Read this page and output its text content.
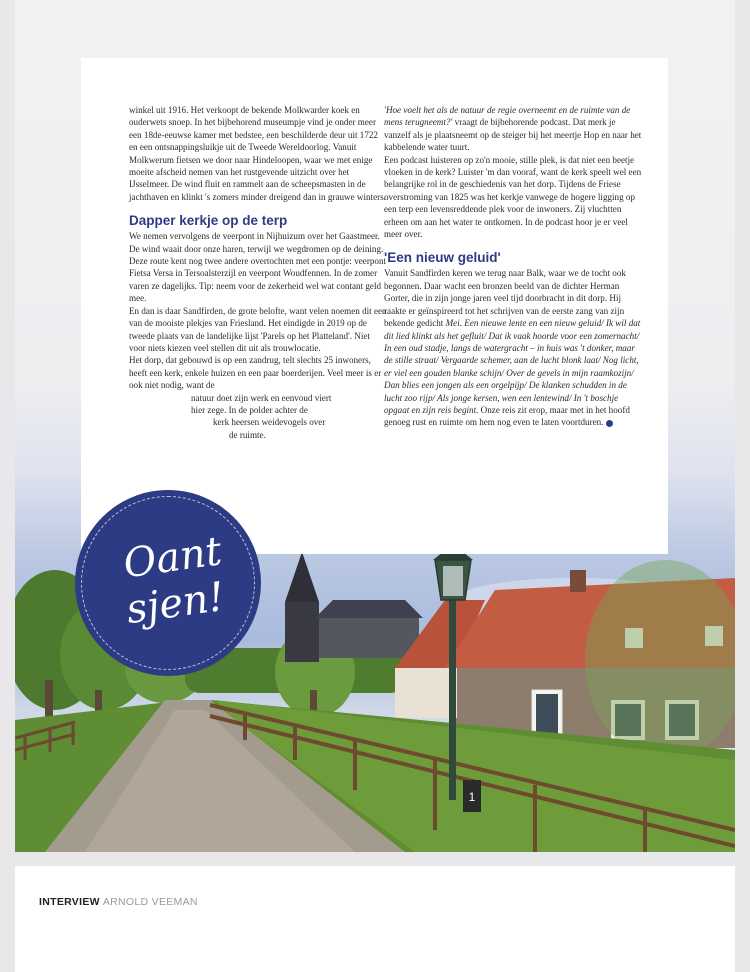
1

winkel uit 1916. Het verkoopt de bekende Molkwarder koek en ouderwets snoep. In het bijbehorend museumpje vind je onder meer een 18de-eeuwse kamer met bedstee, een beschilderde deur uit 1722 en een ontsnappingsluikje uit de Tweede Wereldoorlog. Vanuit Molkwerum fietsen we door naar Hindeloopen, waar we met enige moeite afscheid nemen van het rustgevende uitzicht over het IJsselmeer. De wind fluit en rammelt aan de scheepsmasten in de jachthaven en klinkt 's zomers minder dreigend dan in grauwe winters.

Dapper kerkje op de terp

We nemen vervolgens de veerpont in Nijhuizum over het Gaastmeer. De wind waait door onze haren, terwijl we wegdromen op de deining. Deze route kent nog twee andere overtochten met een pontje: veerpont Fietsa Versa in Tersoalsterzijl en veerpont Woudfennen. In de zomer varen ze dagelijks. Tip: neem voor de zekerheid wel wat contant geld mee.

En dan is daar Sandfirden, de grote belofte, want velen noemen dit een van de mooiste plekjes van Friesland. Het eindigde in 2019 op de tweede plaats van de landelijke lijst 'Parels op het Platteland'. Niet voor niets kiezen veel stellen dit uit als trouwlocatie.

Het dorp, dat gebouwd is op een zandrug, telt slechts 25 inwoners, heeft een kerk, enkele huizen en een paar boerderijen. Veel meer is er ook niet nodig, want de

natuur doet zijn werk en eenvoud viert

hier zege. In de polder achter de

kerk heersen weidevogels over

de ruimte.

'Hoe voelt het als de natuur de regie overneemt en de ruimte van de mens terugneemt?' vraagt de bijbehorende podcast. Dat merk je vanzelf als je plaatsneemt op de steiger bij het meertje Hop en naar het kabbelende water tuurt.

Een podcast luisteren op zo'n mooie, stille plek, is dat niet een beetje vloeken in de kerk? Luister 'm dan vooraf, want de kerk speelt wel een belangrijke rol in de geschiedenis van het dorp. Tijdens de Friese overstroming van 1825 was het kerkje vanwege de hogere ligging op een terp een levensreddende plek voor de inwoners. Zij vluchtten erheen om aan het water te ontkomen. In de podcast hoor je er veel meer over.

'Een nieuw geluid'

Vanuit Sandfirden keren we terug naar Balk, waar we de tocht ook begonnen. Daar wacht een bronzen beeld van de dichter Herman Gorter, die in zijn jonge jaren veel tijd doorbracht in dit dorp. Hij raakte er geïnspireerd tot het schrijven van de eerste zang van zijn bekende gedicht Mei. Een nieuwe lente en een nieuw geluid/ Ik wil dat dit lied klinkt als het gefluit/ Dat ik vaak hoorde voor een zomernacht/ In een oud stadje, langs de watergracht – in huis was 't donker, maar de stille straat/ Vergaarde schemer, aan de lucht blonk laat/ Nog licht, er viel een gouden blanke schijn/ Over de gevels in mijn raamkozijn/ Dan blies een jongen als een orgelpijp/ De klanken schudden in de lucht zoo rijp/ Als jonge kersen, wen een lentewind/ In 't boschje opgaat en zijn reis begint. Onze reis zit erop, maar met in het hoofd genoeg rust en ruimte om hem nog even te laten voortduren.

Oant
sjen!
INTERVIEW ARNOLD VEEMAN
